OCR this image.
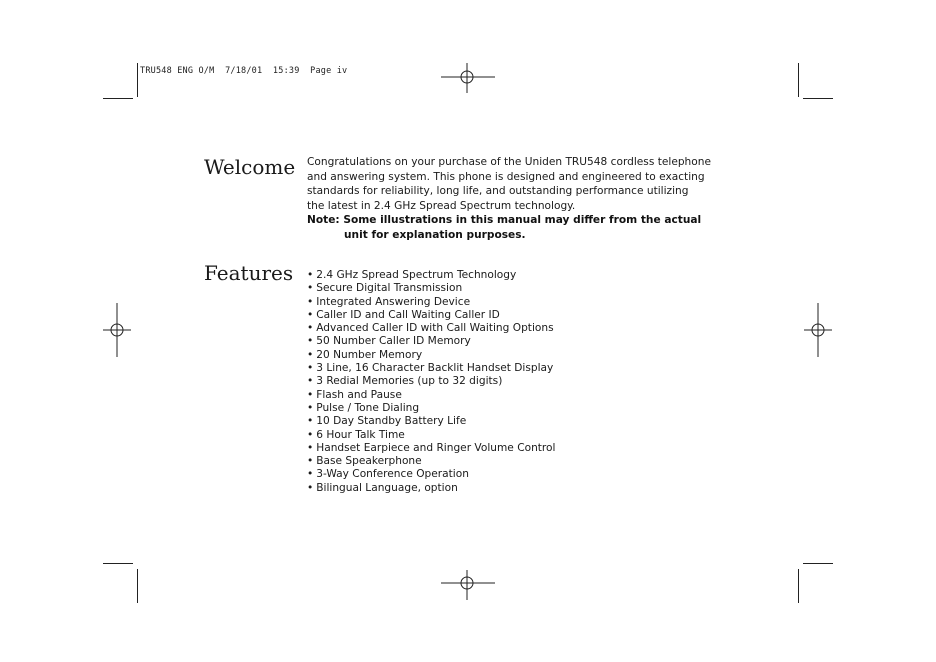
TRU548 ENG O/M  7/18/01  15:39  Page iv
Welcome Congratulations on your purchase of the Uniden TRU548 cordless telephone
and answering system. This phone is designed and engineered to exacting
standards for reliability, long life, and outstanding performance utilizing
the latest in 2.4 GHz Spread Spectrum technology.
Note: Some illustrations in this manual may differ from the actual
unit for explanation purposes.
Features
•	2.4 GHz Spread Spectrum Technology
• Secure Digital Transmission
• Integrated Answering Device
• Caller ID and Call Waiting Caller ID
• Advanced Caller ID with Call Waiting Options
• 50 Number Caller ID Memory
• 20 Number Memory
• 3 Line, 16 Character Backlit Handset Display
• 3 Redial Memories (up to 32 digits)
• Flash and Pause
• Pulse / Tone Dialing
• 10 Day Standby Battery Life
• 6 Hour Talk Time
• Handset Earpiece and Ringer Volume Control
• Base Speakerphone
• 3-Way Conference Operation
• Bilingual Language, option
